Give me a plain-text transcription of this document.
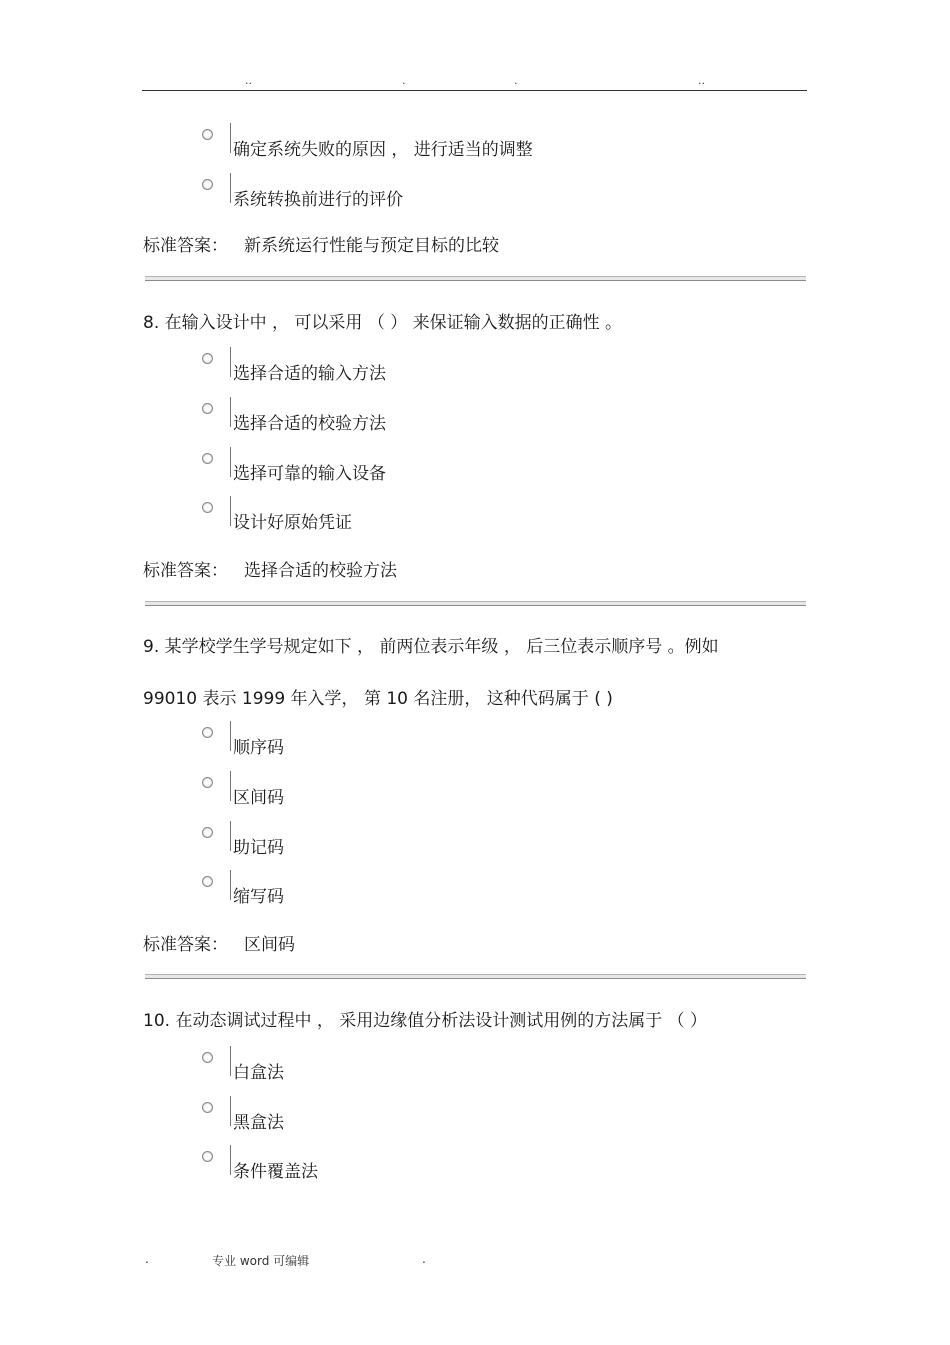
..	.	.	..
确定系统失败的原因 ， 进行适当的调整
系统转换前进行的评价
标准答案： 新系统运行性能与预定目标的比较
8. 在输入设计中 ， 可以采用 （ ） 来保证输入数据的正确性 。
选择合适的输入方法
选择合适的校验方法
选择可靠的输入设备
设计好原始凭证
标准答案： 选择合适的校验方法
9. 某学校学生学号规定如下 ， 前两位表示年级 ， 后三位表示顺序号 。例如
99010 表示 1999 年入学， 第 10 名注册， 这种代码属于 ( )
顺序码
区间码
助记码
缩写码
标准答案： 区间码
10. 在动态调试过程中 ， 采用边缘值分析法设计测试用例的方法属于 （ ）
白盒法
黑盒法
条件覆盖法
.	专业 word 可编辑	.
